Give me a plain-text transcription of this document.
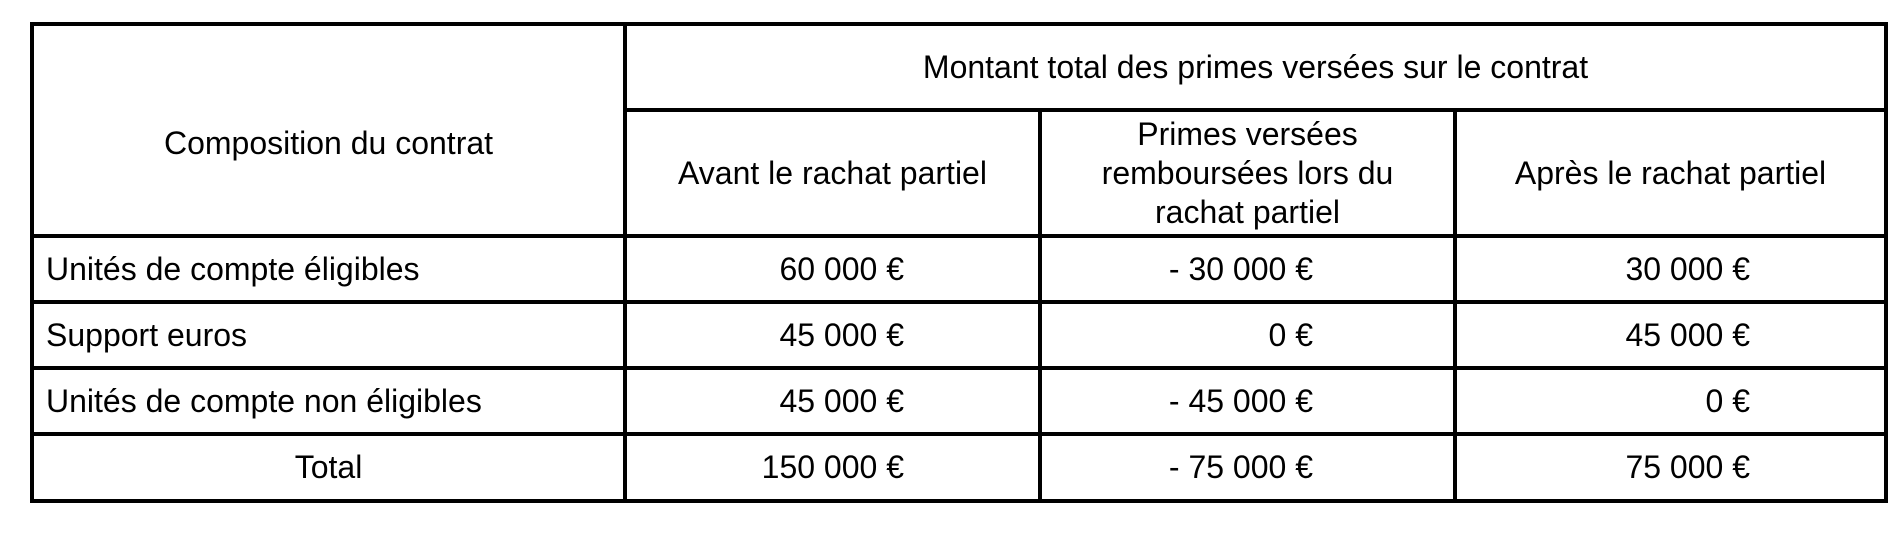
Composition du contrat	Montant total des primes versées sur le contrat		
	Avant le rachat partiel	Primes versées remboursées lors du rachat partiel	Après le rachat partiel
Unités de compte éligibles	60 000 €	- 30 000 €	30 000 €
Support euros	45 000 €	0 €	45 000 €
Unités de compte non éligibles	45 000 €	- 45 000 €	0 €
Total	150 000 €	- 75 000 €	75 000 €
